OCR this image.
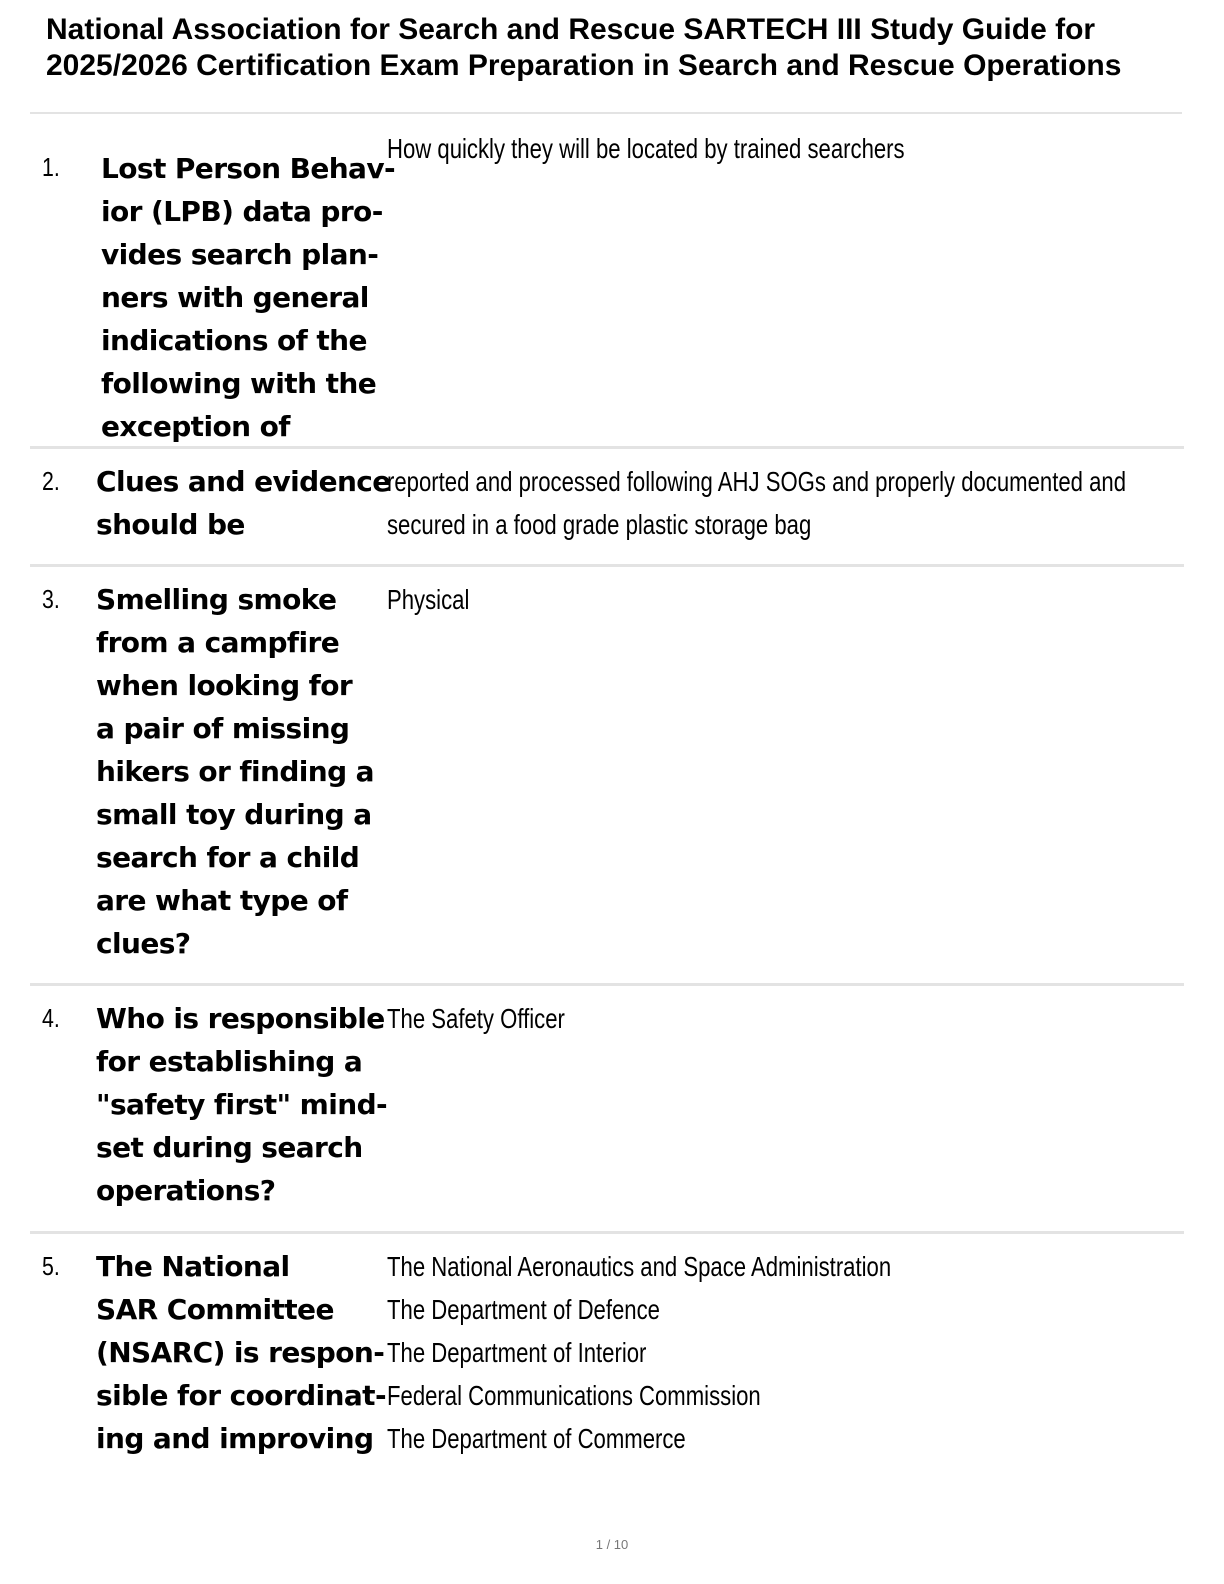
National Association for Search and Rescue SARTECH III Study Guide for
2025/2026 Certification Exam Preparation in Search and Rescue Operations
1. Lost Person Behav-
ior (LPB) data pro-
vides search plan-
ners with general
indications of the
following with the
exception of
How quickly they will be located by trained searchers
2. Clues and evidence
should be
reported and processed following AHJ SOGs and properly documented and
secured in a food grade plastic storage bag
3. Smelling smoke
from a campfire
when looking for
a pair of missing
hikers or finding a
small toy during a
search for a child
are what type of
clues?
Physical
4. Who is responsible
for establishing a
"safety first" mind-
set during search
operations?
The Safety Officer
5. The National
SAR Committee
(NSARC) is respon-
sible for coordinat-
ing and improving
The National Aeronautics and Space Administration
The Department of Defence
The Department of Interior
Federal Communications Commission
The Department of Commerce
1 / 10
